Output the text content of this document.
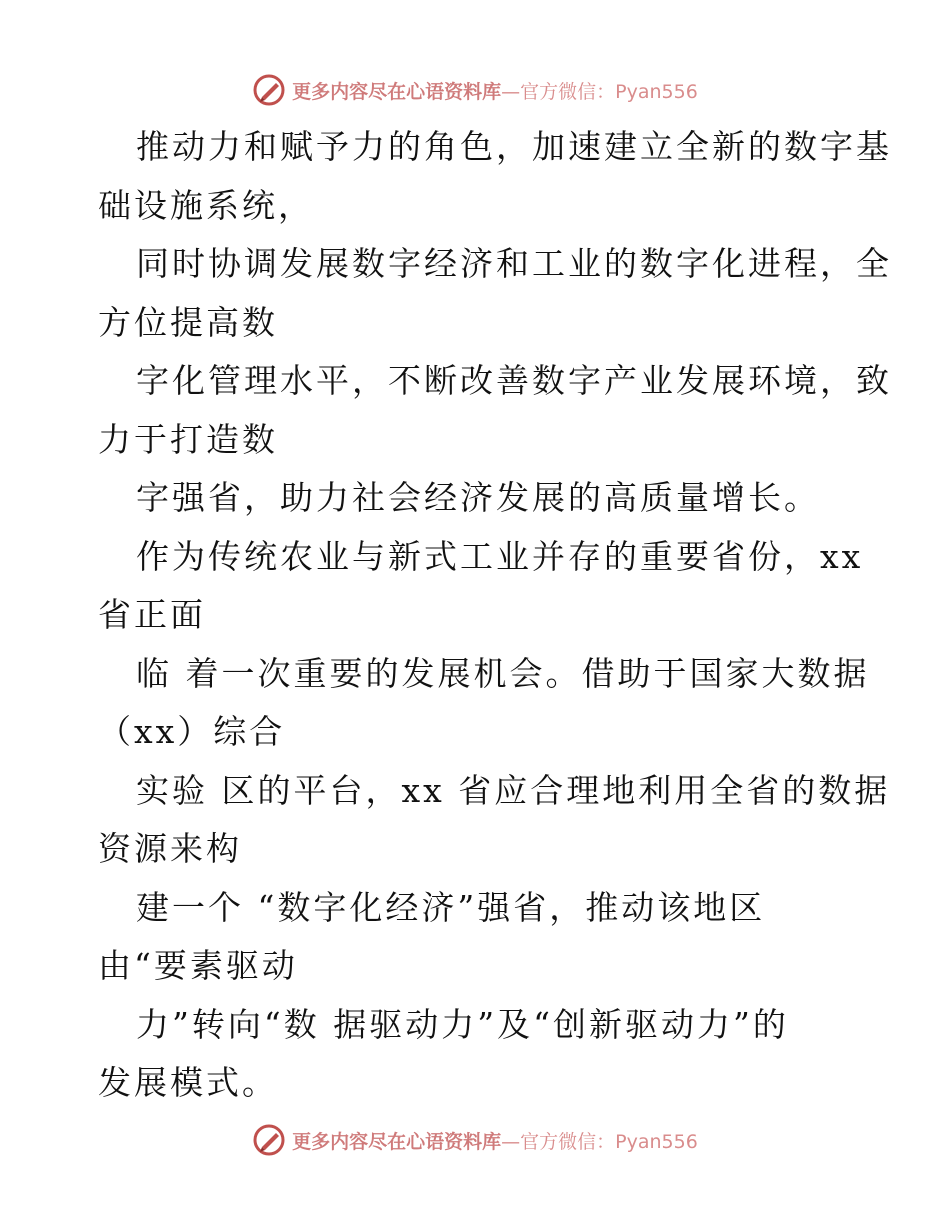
更多内容尽在心语资料库—官方微信：Pyan556
推动力和赋予力的角色，加速建立全新的数字基
础设施系统，
同时协调发展数字经济和工业的数字化进程，全
方位提高数
字化管理水平，不断改善数字产业发展环境，致
力于打造数
字强省，助力社会经济发展的高质量增长。
作为传统农业与新式工业并存的重要省份，xx
省正面
临 着一次重要的发展机会。借助于国家大数据
（xx）综合
实验 区的平台，xx 省应合理地利用全省的数据
资源来构
建一个 “数字化经济”强省，推动该地区
由“要素驱动
力”转向“数 据驱动力”及“创新驱动力”的
发展模式。
更多内容尽在心语资料库—官方微信：Pyan556
